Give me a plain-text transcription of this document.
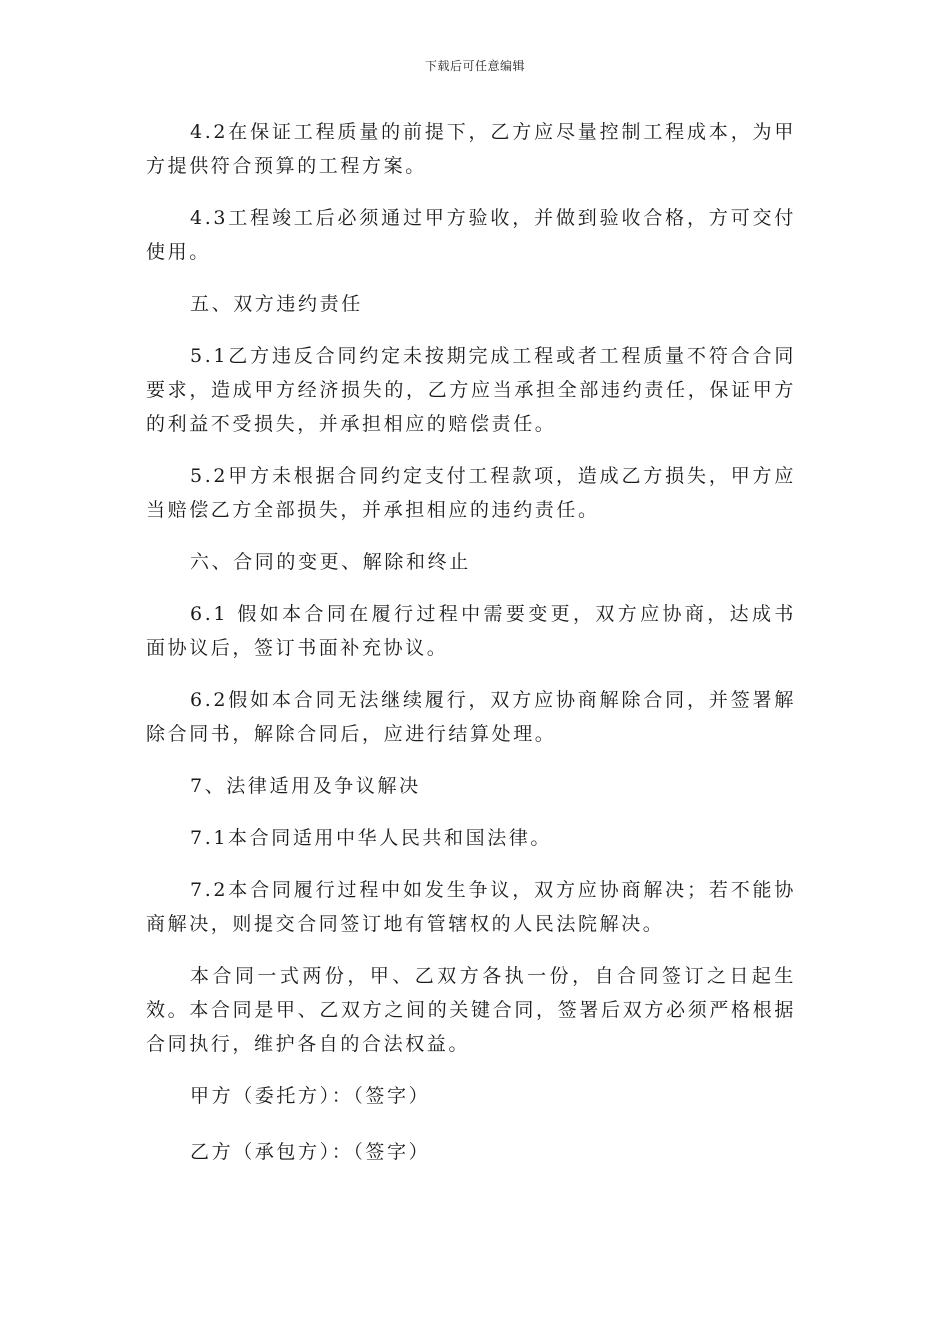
下载后可任意编辑

4.2在保证工程质量的前提下，乙方应尽量控制工程成本，为甲方提供符合预算的工程方案。

4.3工程竣工后必须通过甲方验收，并做到验收合格，方可交付使用。

五、双方违约责任

5.1乙方违反合同约定未按期完成工程或者工程质量不符合合同要求，造成甲方经济损失的，乙方应当承担全部违约责任，保证甲方的利益不受损失，并承担相应的赔偿责任。

5.2甲方未根据合同约定支付工程款项，造成乙方损失，甲方应当赔偿乙方全部损失，并承担相应的违约责任。

六、合同的变更、解除和终止

6.1 假如本合同在履行过程中需要变更，双方应协商，达成书面协议后，签订书面补充协议。

6.2假如本合同无法继续履行，双方应协商解除合同，并签署解除合同书，解除合同后，应进行结算处理。

7、法律适用及争议解决

7.1本合同适用中华人民共和国法律。

7.2本合同履行过程中如发生争议，双方应协商解决；若不能协商解决，则提交合同签订地有管辖权的人民法院解决。

本合同一式两份，甲、乙双方各执一份，自合同签订之日起生效。本合同是甲、乙双方之间的关键合同，签署后双方必须严格根据合同执行，维护各自的合法权益。

甲方（委托方）：（签字）

乙方（承包方）：（签字）
